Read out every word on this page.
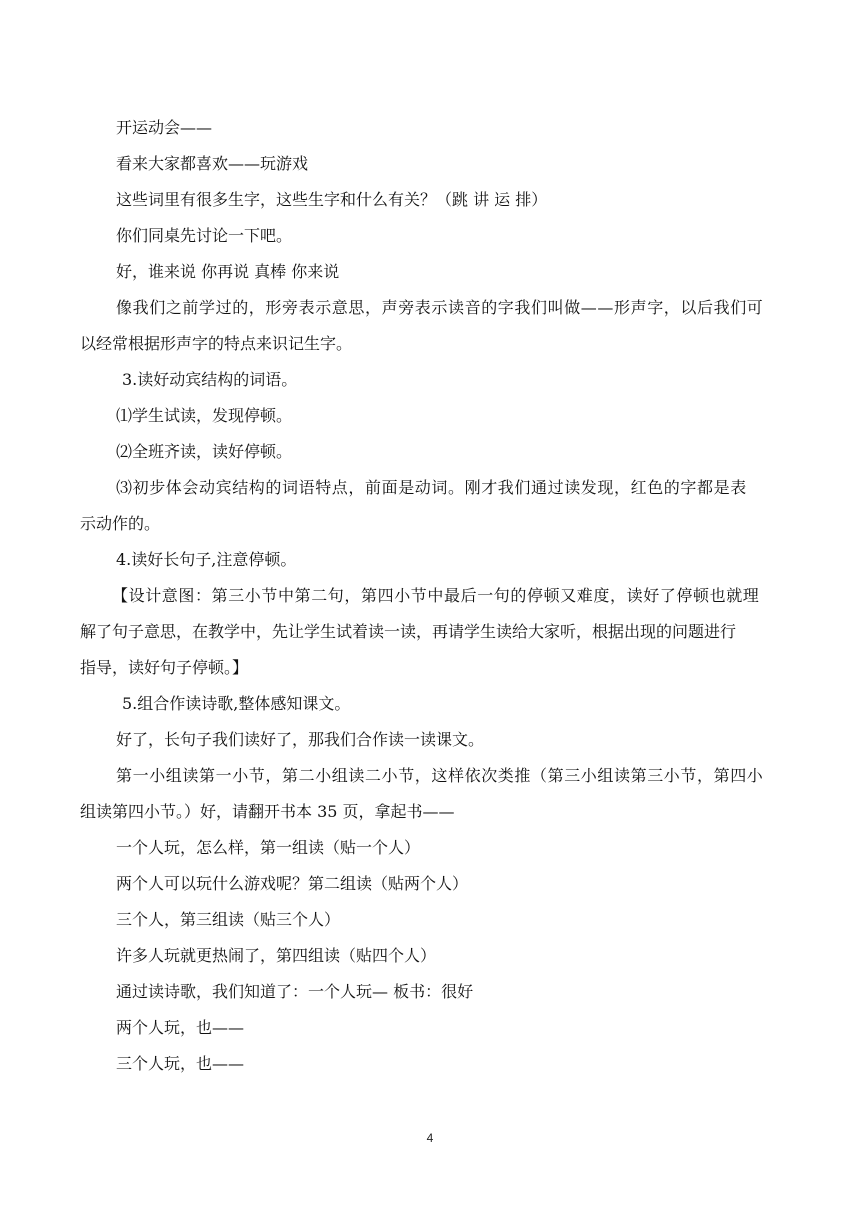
开运动会——
看来大家都喜欢——玩游戏
这些词里有很多生字，这些生字和什么有关？（跳 讲 运 排）
你们同桌先讨论一下吧。
好，谁来说 你再说 真棒 你来说
像我们之前学过的，形旁表示意思，声旁表示读音的字我们叫做——形声字，以后我们可
以经常根据形声字的特点来识记生字。
3.读好动宾结构的词语。
⑴学生试读，发现停顿。
⑵全班齐读，读好停顿。
⑶初步体会动宾结构的词语特点，前面是动词。刚才我们通过读发现，红色的字都是表
示动作的。
4.读好长句子,注意停顿。
【设计意图：第三小节中第二句，第四小节中最后一句的停顿又难度，读好了停顿也就理
解了句子意思，在教学中，先让学生试着读一读，再请学生读给大家听，根据出现的问题进行
指导，读好句子停顿。】
5.组合作读诗歌,整体感知课文。
好了，长句子我们读好了，那我们合作读一读课文。
第一小组读第一小节，第二小组读二小节，这样依次类推（第三小组读第三小节，第四小
组读第四小节。）好，请翻开书本 35 页，拿起书——
一个人玩，怎么样，第一组读（贴一个人）
两个人可以玩什么游戏呢？第二组读（贴两个人）
三个人，第三组读（贴三个人）
许多人玩就更热闹了，第四组读（贴四个人）
通过读诗歌，我们知道了：一个人玩— 板书：很好
两个人玩，也——
三个人玩，也——
4
